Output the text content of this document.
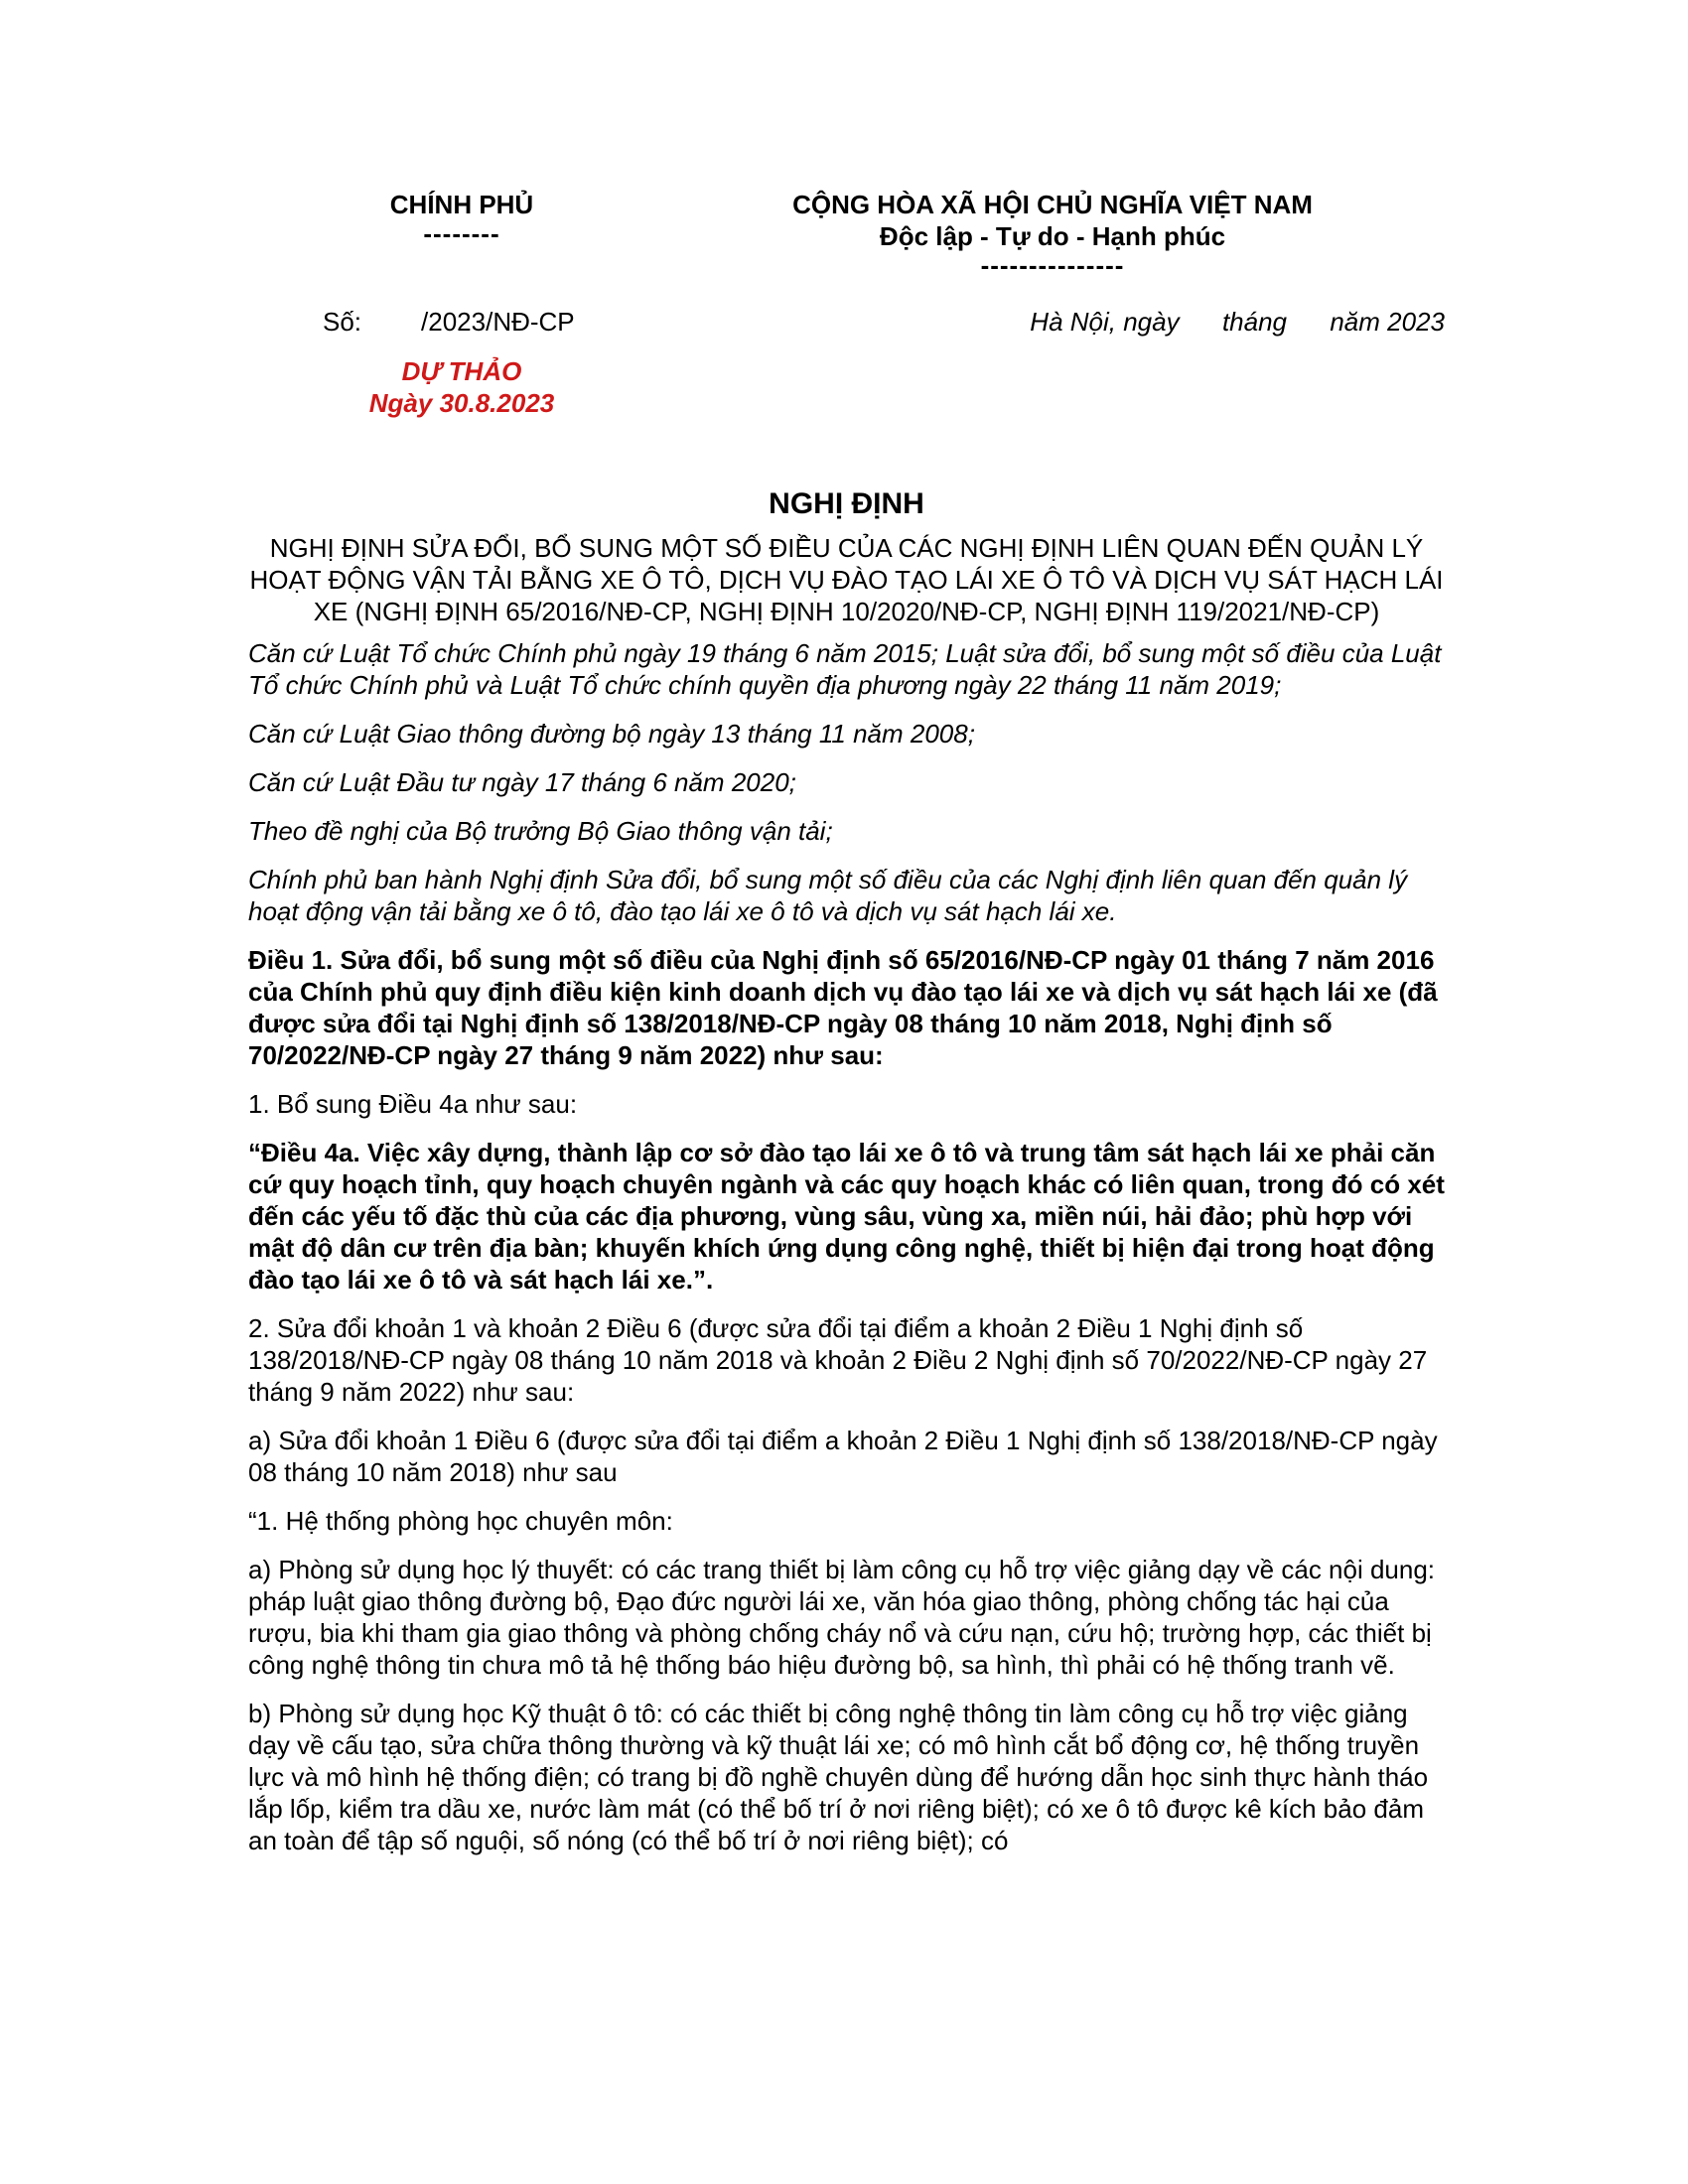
CHÍNH PHỦ
--------
CỘNG HÒA XÃ HỘI CHỦ NGHĨA VIỆT NAM
Độc lập - Tự do - Hạnh phúc
---------------
Số: /2023/NĐ-CP	Hà Nội, ngày      tháng      năm 2023
DỰ THẢO
Ngày 30.8.2023
NGHỊ ĐỊNH
NGHỊ ĐỊNH SỬA ĐỔI, BỔ SUNG MỘT SỐ ĐIỀU CỦA CÁC NGHỊ ĐỊNH LIÊN QUAN ĐẾN QUẢN LÝ HOẠT ĐỘNG VẬN TẢI BẰNG XE Ô TÔ, DỊCH VỤ ĐÀO TẠO LÁI XE Ô TÔ VÀ DỊCH VỤ SÁT HẠCH LÁI XE (NGHỊ ĐỊNH 65/2016/NĐ-CP, NGHỊ ĐỊNH 10/2020/NĐ-CP, NGHỊ ĐỊNH 119/2021/NĐ-CP)

Căn cứ Luật Tổ chức Chính phủ ngày 19 tháng 6 năm 2015; Luật sửa đổi, bổ sung một số điều của Luật Tổ chức Chính phủ và Luật Tổ chức chính quyền địa phương ngày 22 tháng 11 năm 2019;

Căn cứ Luật Giao thông đường bộ ngày 13 tháng 11 năm 2008;

Căn cứ Luật Đầu tư ngày 17 tháng 6 năm 2020;

Theo đề nghị của Bộ trưởng Bộ Giao thông vận tải;

Chính phủ ban hành Nghị định Sửa đổi, bổ sung một số điều của các Nghị định liên quan đến quản lý hoạt động vận tải bằng xe ô tô, đào tạo lái xe ô tô và dịch vụ sát hạch lái xe.

Điều 1. Sửa đổi, bổ sung một số điều của Nghị định số 65/2016/NĐ-CP ngày 01 tháng 7 năm 2016 của Chính phủ quy định điều kiện kinh doanh dịch vụ đào tạo lái xe và dịch vụ sát hạch lái xe (đã được sửa đổi tại Nghị định số 138/2018/NĐ-CP ngày 08 tháng 10 năm 2018, Nghị định số 70/2022/NĐ-CP ngày 27 tháng 9 năm 2022) như sau:

1. Bổ sung Điều 4a như sau:

“Điều 4a. Việc xây dựng, thành lập cơ sở đào tạo lái xe ô tô và trung tâm sát hạch lái xe phải căn cứ quy hoạch tỉnh, quy hoạch chuyên ngành và các quy hoạch khác có liên quan, trong đó có xét đến các yếu tố đặc thù của các địa phương, vùng sâu, vùng xa, miền núi, hải đảo; phù hợp với mật độ dân cư trên địa bàn; khuyến khích ứng dụng công nghệ, thiết bị hiện đại trong hoạt động đào tạo lái xe ô tô và sát hạch lái xe.”.

2. Sửa đổi khoản 1 và khoản 2 Điều 6 (được sửa đổi tại điểm a khoản 2 Điều 1 Nghị định số 138/2018/NĐ-CP ngày 08 tháng 10 năm 2018 và khoản 2 Điều 2 Nghị định số 70/2022/NĐ-CP ngày 27 tháng 9 năm 2022) như sau:

a) Sửa đổi khoản 1 Điều 6 (được sửa đổi tại điểm a khoản 2 Điều 1 Nghị định số 138/2018/NĐ-CP ngày 08 tháng 10 năm 2018) như sau

“1. Hệ thống phòng học chuyên môn:

a) Phòng sử dụng học lý thuyết: có các trang thiết bị làm công cụ hỗ trợ việc giảng dạy về các nội dung: pháp luật giao thông đường bộ, Đạo đức người lái xe, văn hóa giao thông, phòng chống tác hại của rượu, bia khi tham gia giao thông và phòng chống cháy nổ và cứu nạn, cứu hộ; trường hợp, các thiết bị công nghệ thông tin chưa mô tả hệ thống báo hiệu đường bộ, sa hình, thì phải có hệ thống tranh vẽ.

b) Phòng sử dụng học Kỹ thuật ô tô: có các thiết bị công nghệ thông tin làm công cụ hỗ trợ việc giảng dạy về cấu tạo, sửa chữa thông thường và kỹ thuật lái xe; có mô hình cắt bổ động cơ, hệ thống truyền lực và mô hình hệ thống điện; có trang bị đồ nghề chuyên dùng để hướng dẫn học sinh thực hành tháo lắp lốp, kiểm tra dầu xe, nước làm mát (có thể bố trí ở nơi riêng biệt); có xe ô tô được kê kích bảo đảm an toàn để tập số nguội, số nóng (có thể bố trí ở nơi riêng biệt); có
